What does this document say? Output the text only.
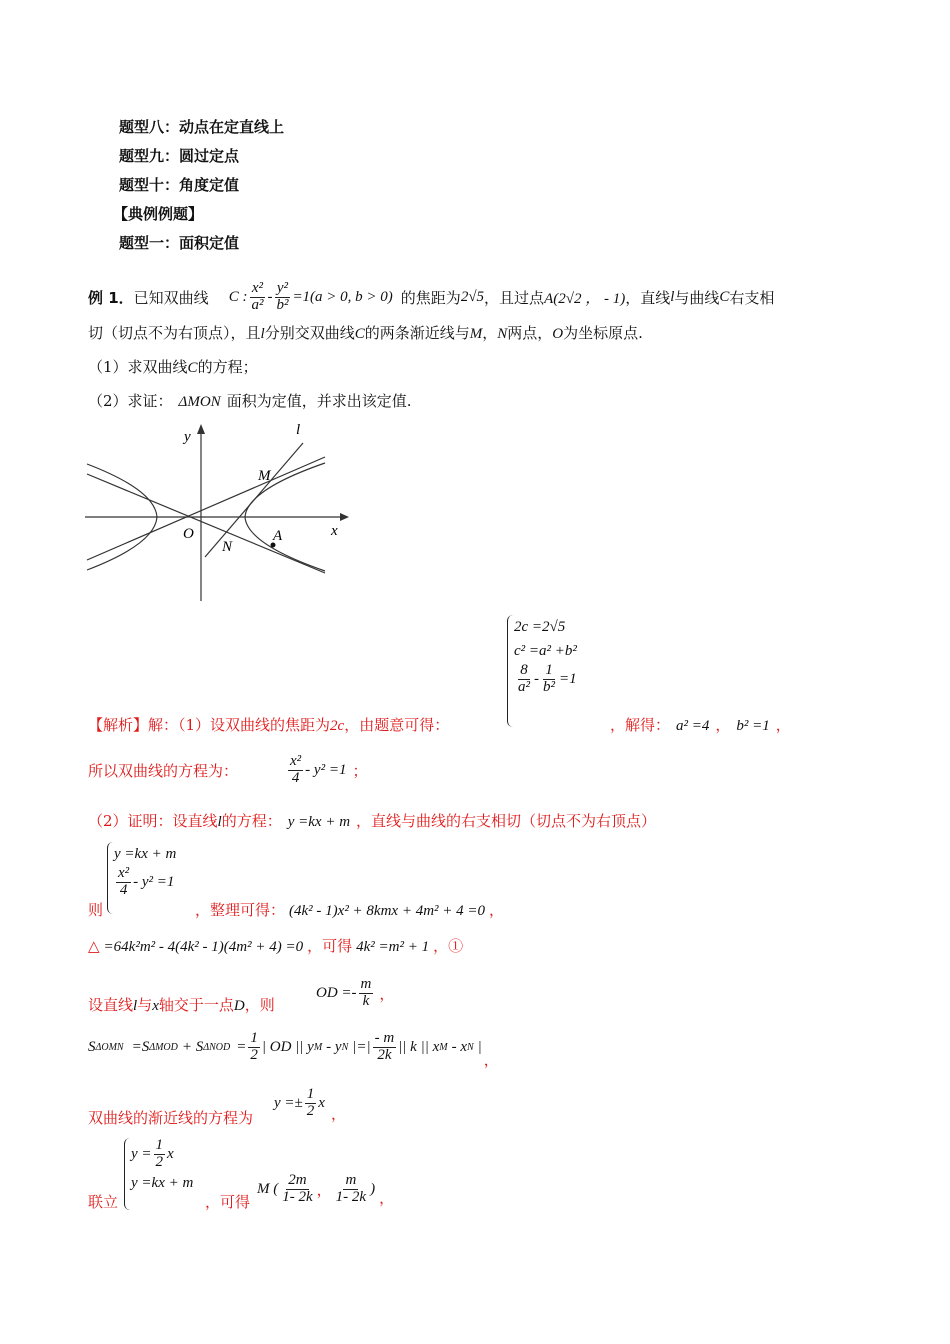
题型八：动点在定直线上
题型九：圆过定点
题型十：角度定值
【典例例题】
题型一：面积定值
例 1． 已知双曲线 C : $\frac{\text{x²}}{\text{a²}} - \frac{\text{y²}}{\text{b²}} =1(a > 0$, b > 0) 的焦距为 2√5 ，且过点 A(2√2 ， - 1) ，直线 l 与曲线 C 右支相
切（切点不为右顶点），且l分别交双曲线C的两条渐近线与M，N两点，O为坐标原点.
（1）求双曲线C的方程；
（2）求证： ΔMON 面积为定值，并求出该定值.
y
x
l
M
O
N
A
2c =2√5
c² =a² +b²
$\frac{8}{\text{a²}} - \frac{1}{\text{b²}} =1$
【解析】解：（1）设双曲线的焦距为2c，由题意可得：	，解得： a² =4 ， b² =1 ，
所以双曲线的方程为：	$\frac{\text{x²}}{4} - y^2 =1$ ；
（2）证明：设直线l的方程： y =kx + m ，直线与曲线的右支相切（切点不为右顶点）
y =kx + m
$\frac{\text{x²}}{4} - y^2 =1$
则	，整理可得： (4k² - 1)x² + 8kmx + 4m² + 4 =0 ，
△ =64k²m² - 4(4k² - 1)(4m² + 4) =0 ，可得 4k² =m² + 1 ，①
设直线l与x轴交于一点D，则
OD =- $\frac{m}{k}$ ，
S ΔOMN =S ΔMOD + S $\Delta NOD = \frac{1}{2}$ | OD || y M - y N |=| $\frac{- m}{2k}$ || k || x M - x N |
，
$y =\pm \frac{1}{2}$ x
，
双曲线的渐近线的方程为
$y = \frac{1}{2}$ x
y =kx + m
联立	，可得
M ( $\frac{2m}{1- 2k}$ ， $\frac{m}{1- 2k}$ )
，
